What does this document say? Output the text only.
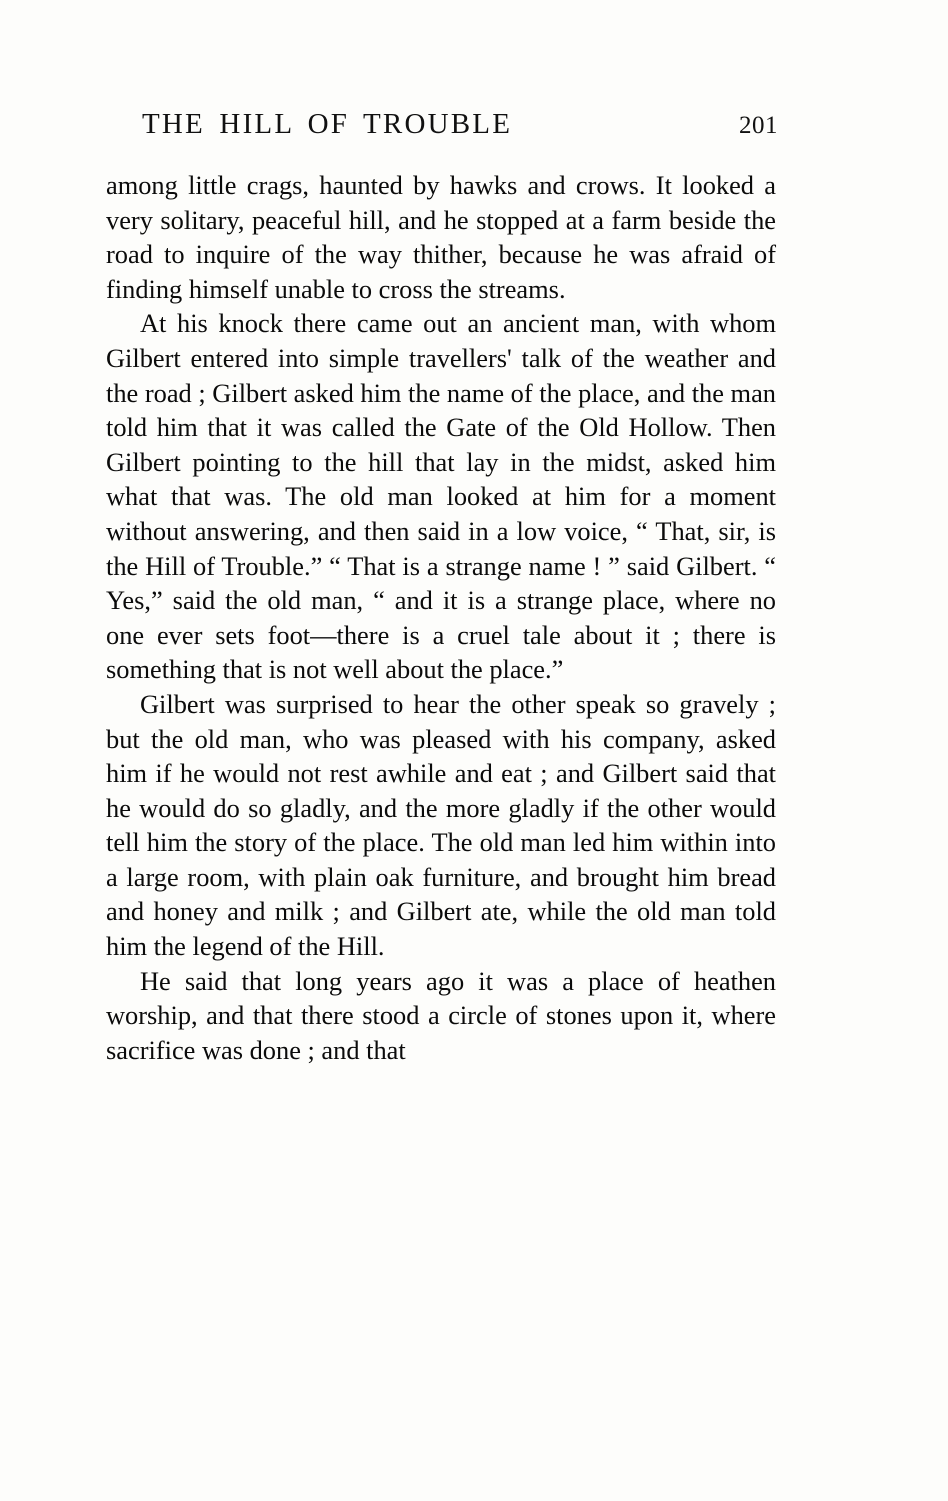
THE HILL OF TROUBLE	201

among little crags, haunted by hawks and crows. It looked a very solitary, peaceful hill, and he stopped at a farm beside the road to inquire of the way thither, because he was afraid of finding himself unable to cross the streams.

At his knock there came out an ancient man, with whom Gilbert entered into simple travellers' talk of the weather and the road ; Gilbert asked him the name of the place, and the man told him that it was called the Gate of the Old Hollow. Then Gilbert pointing to the hill that lay in the midst, asked him what that was. The old man looked at him for a moment without answering, and then said in a low voice, “ That, sir, is the Hill of Trouble.” “ That is a strange name ! ” said Gilbert. “ Yes,” said the old man, “ and it is a strange place, where no one ever sets foot—there is a cruel tale about it ; there is something that is not well about the place.”

Gilbert was surprised to hear the other speak so gravely ; but the old man, who was pleased with his company, asked him if he would not rest awhile and eat ; and Gilbert said that he would do so gladly, and the more gladly if the other would tell him the story of the place. The old man led him within into a large room, with plain oak furniture, and brought him bread and honey and milk ; and Gilbert ate, while the old man told him the legend of the Hill.

He said that long years ago it was a place of heathen worship, and that there stood a circle of stones upon it, where sacrifice was done ; and that
